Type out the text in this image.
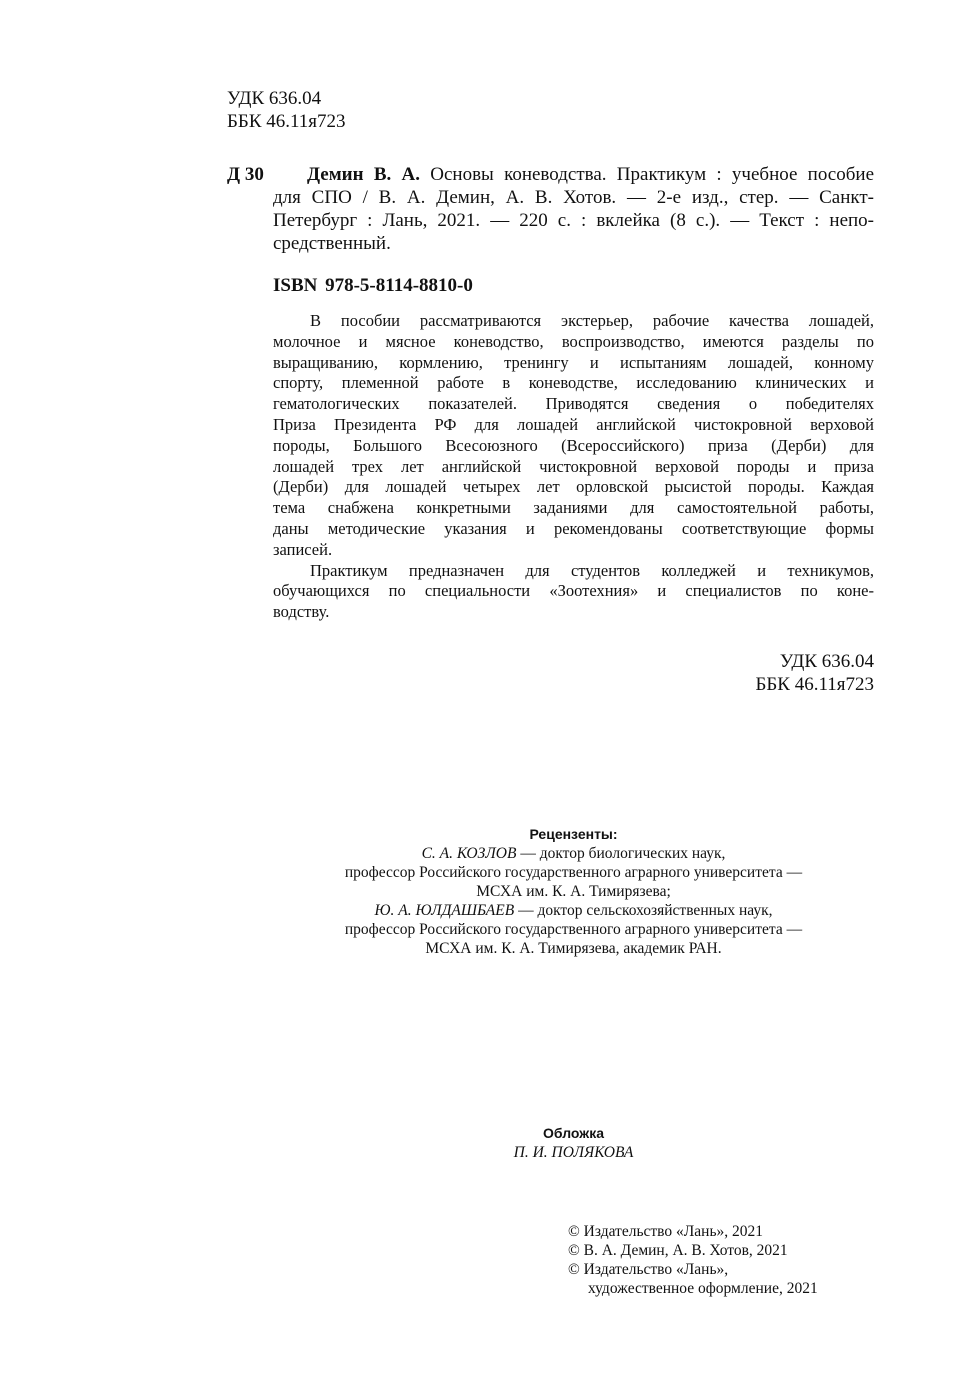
УДК 636.04
ББК 46.11я723
Д 30 Демин В. А. Основы коневодства. Практикум : учебное пособие
для СПО / В. А. Демин, А. В. Хотов. — 2-е изд., стер. — Санкт-
Петербург : Лань, 2021. — 220 с. : вклейка (8 с.). — Текст : непо-
средственный.
ISBN 978-5-8114-8810-0
В пособии рассматриваются экстерьер, рабочие качества лошадей,
молочное и мясное коневодство, воспроизводство, имеются разделы по
выращиванию, кормлению, тренингу и испытаниям лошадей, конному
спорту, племенной работе в коневодстве, исследованию клинических и
гематологических показателей. Приводятся сведения о победителях
Приза Президента РФ для лошадей английской чистокровной верховой
породы, Большого Всесоюзного (Всероссийского) приза (Дерби) для
лошадей трех лет английской чистокровной верховой породы и приза
(Дерби) для лошадей четырех лет орловской рысистой породы. Каждая
тема снабжена конкретными заданиями для самостоятельной работы,
даны методические указания и рекомендованы соответствующие формы
записей.
Практикум предназначен для студентов колледжей и техникумов,
обучающихся по специальности «Зоотехния» и специалистов по коне-
водству.
УДК 636.04
ББК 46.11я723
Рецензенты:
С. А. КОЗЛОВ — доктор биологических наук,
профессор Российского государственного аграрного университета —
МСХА им. К. А. Тимирязева;
Ю. А. ЮЛДАШБАЕВ — доктор сельскохозяйственных наук,
профессор Российского государственного аграрного университета —
МСХА им. К. А. Тимирязева, академик РАН.
Обложка
П. И. ПОЛЯКОВА
© Издательство «Лань», 2021
© В. А. Демин, А. В. Хотов, 2021
© Издательство «Лань»,
художественное оформление, 2021
